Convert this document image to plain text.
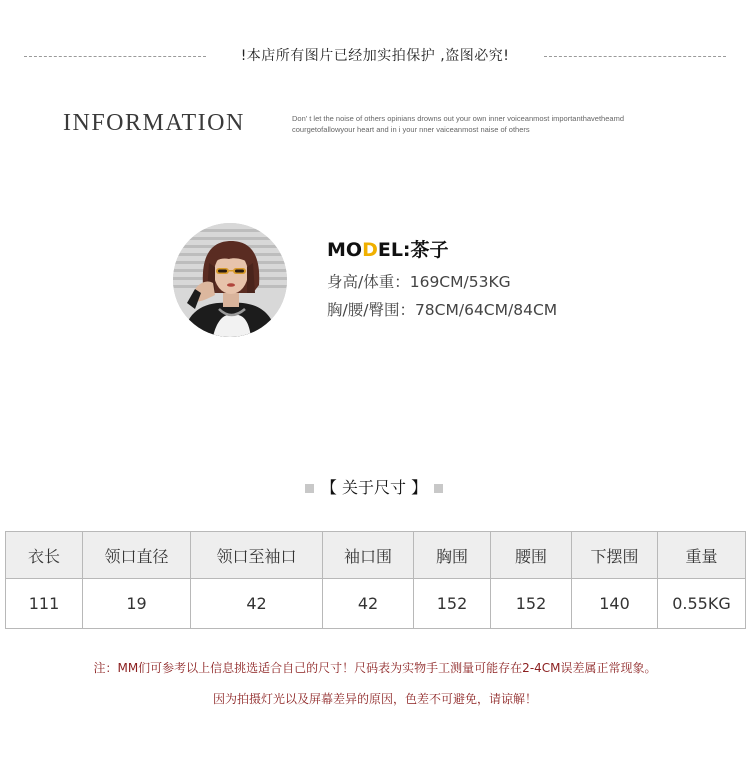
!本店所有图片已经加实拍保护 ,盗图必究!
INFORMATION	Don’ t let the noise of others opinians drowns out your own inner voiceanmost importanthavetheamd
courgetofallowyour heart and in i your nner vaiceanmost naise of others
MODEL:茶子
身高/体重：169CM/53KG
胸/腰/臀围：78CM/64CM/84CM
【 关于尺寸 】
衣长	领口直径	领口至袖口	袖口围	胸围	腰围	下摆围	重量
111	19	42	42	152	152	140	0.55KG
注：MM们可参考以上信息挑选适合自己的尺寸！尺码表为实物手工测量可能存在2-4CM误差属正常现象。
因为拍摄灯光以及屏幕差异的原因，色差不可避免，请谅解！
